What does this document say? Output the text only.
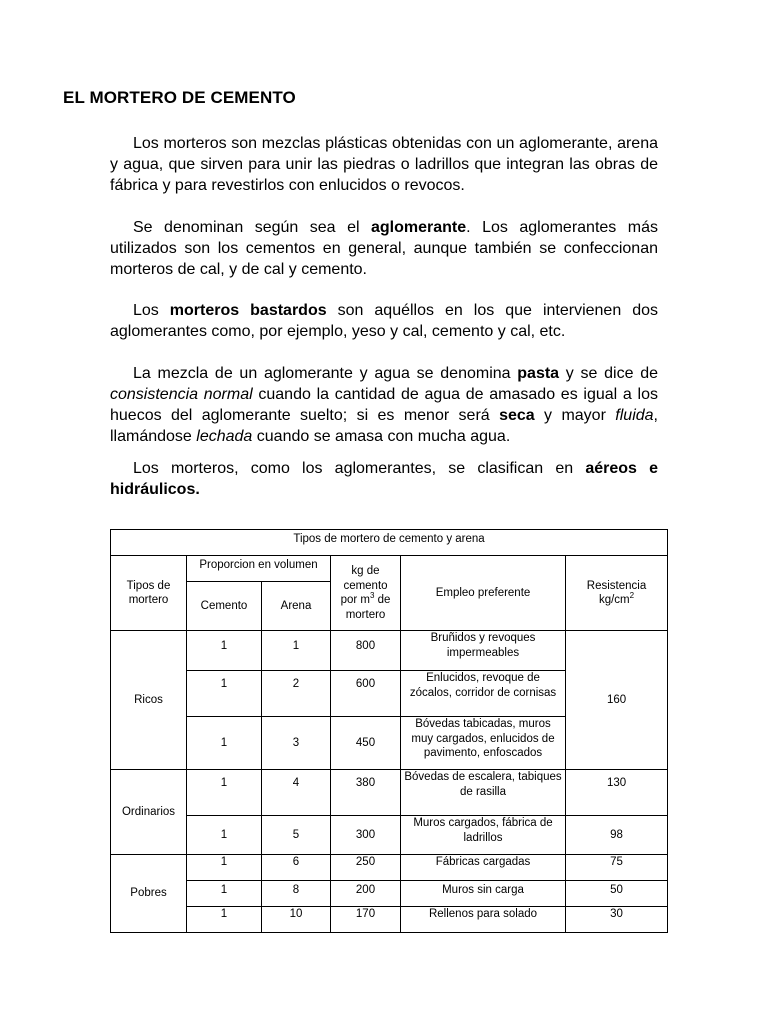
EL MORTERO DE CEMENTO

Los morteros son mezclas plásticas obtenidas con un aglomerante, arena y agua, que sirven para unir las piedras o ladrillos que integran las obras de fábrica y para revestirlos con enlucidos o revocos.

Se denominan según sea el aglomerante. Los aglomerantes más utilizados son los cementos en general, aunque también se confeccionan morteros de cal, y de cal y cemento.

Los morteros bastardos son aquéllos en los que intervienen dos aglomerantes como, por ejemplo, yeso y cal, cemento y cal, etc.

La mezcla de un aglomerante y agua se denomina pasta y se dice de consistencia normal cuando la cantidad de agua de amasado es igual a los huecos del aglomerante suelto; si es menor será seca y mayor fluida, llamándose lechada cuando se amasa con mucha agua.

Los morteros, como los aglomerantes, se clasifican en aéreos e hidráulicos.

Tipos de mortero de cemento y arena					
Tipos de mortero	Proporcion en volumen		kg de cemento por $m^3$ de mortero	Empleo preferente	Resistencia $kg/cm^2$
	Cemento	Arena			
Ricos	1	1	800	Bruñidos y revoques impermeables	160
	1	2	600	Enlucidos, revoque de zócalos, corridor de cornisas	
	1	3	450	Bóvedas tabicadas, muros muy cargados, enlucidos de pavimento, enfoscados	
Ordinarios	1	4	380	Bóvedas de escalera, tabiques de rasilla	130
	1	5	300	Muros cargados, fábrica de ladrillos	98
Pobres	1	6	250	Fábricas cargadas	75
	1	8	200	Muros sin carga	50
	1	10	170	Rellenos para solado	30
